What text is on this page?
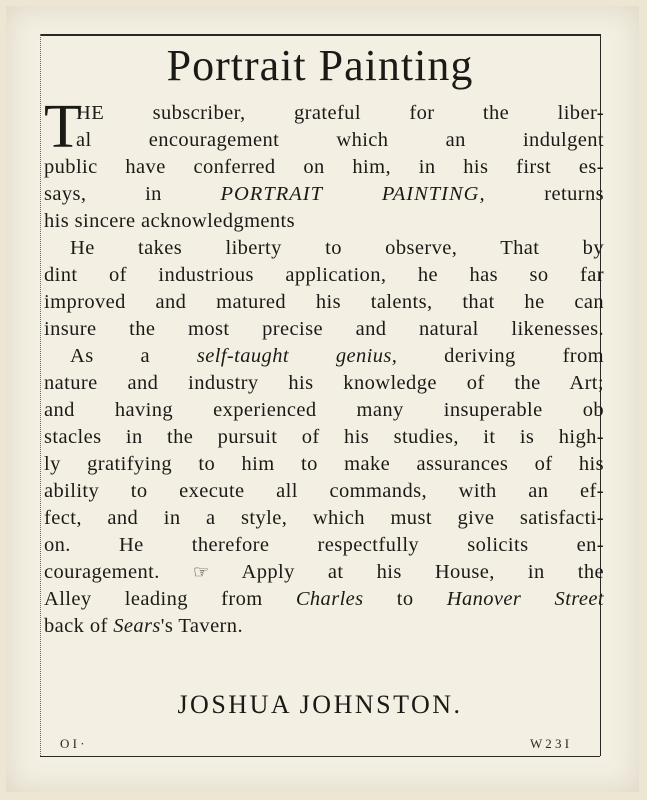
Portrait Painting
T
HE subscriber, grateful for the liber-
al encouragement which an indulgent
public have conferred on him, in his first es-
says, in	PORTRAIT PAINTING,	returns
his sincere acknowledgments
He takes liberty to observe, That by
dint of industrious application, he has so far
improved and matured his talents, that he can
insure the most precise and natural likenesses.
As a self-taught genius, deriving from
nature and industry his knowledge of the Art;
and having experienced many insuperable ob
stacles in the pursuit of his studies, it is high-
ly gratifying to him to make assurances of his
ability to execute all commands, with an ef-
fect, and in a style, which must give satisfacti-
on. He therefore respectfully solicits en-
couragement. ☞ Apply at his House, in the
Alley leading from Charles to Hanover Street
back of Sears's Tavern.
JOSHUA JOHNSTON.
O I ·	W 2 3 I
